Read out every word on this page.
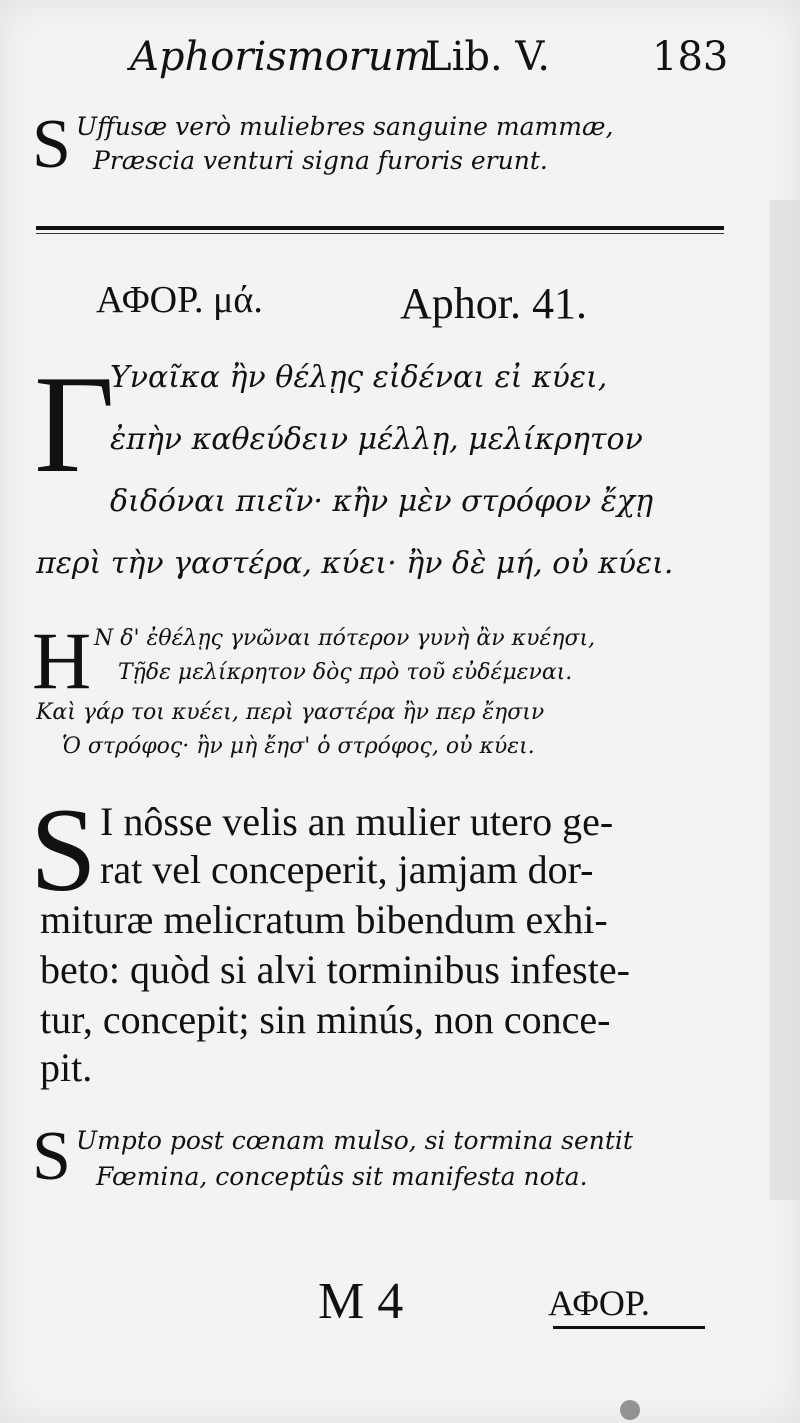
Aphorismorum
Lib. V.	183
S Uffusæ verò muliebres sanguine mammæ,
Præscia venturi signa furoris erunt.
ΑΦΟΡ. μά.	Aphor. 41.
Γ
Υναῖκα ἢν θέλῃς εἰδέναι εἰ κύει,
ἐπὴν καθεύδειν μέλλῃ, μελίκρητον
διδόναι πιεῖν· κἢν μὲν στρόφον ἔχῃ
περὶ τὴν γαστέρα, κύει· ἢν δὲ μή, οὐ κύει.
H N δ' ἐθέλῃς γνῶναι πότερον γυνὴ ἂν κυέησι,
Τῇδε μελίκρητον δὸς πρὸ τοῦ εὐδέμεναι.
Καὶ γάρ τοι κυέει, περὶ γαστέρα ἢν περ ἔησιν
Ὁ στρόφος· ἢν μὴ ἔησ' ὁ στρόφος, οὐ κύει.
S I nôsse velis an mulier utero ge-
rat vel conceperit, jamjam dor-
mituræ melicratum bibendum exhi-
beto: quòd si alvi torminibus infeste-
tur, concepit; sin minús, non conce-
pit.
S Umpto post cœnam mulso, si tormina sentit
Fœmina, conceptûs sit manifesta nota.
M 4	ΑΦΟΡ.
